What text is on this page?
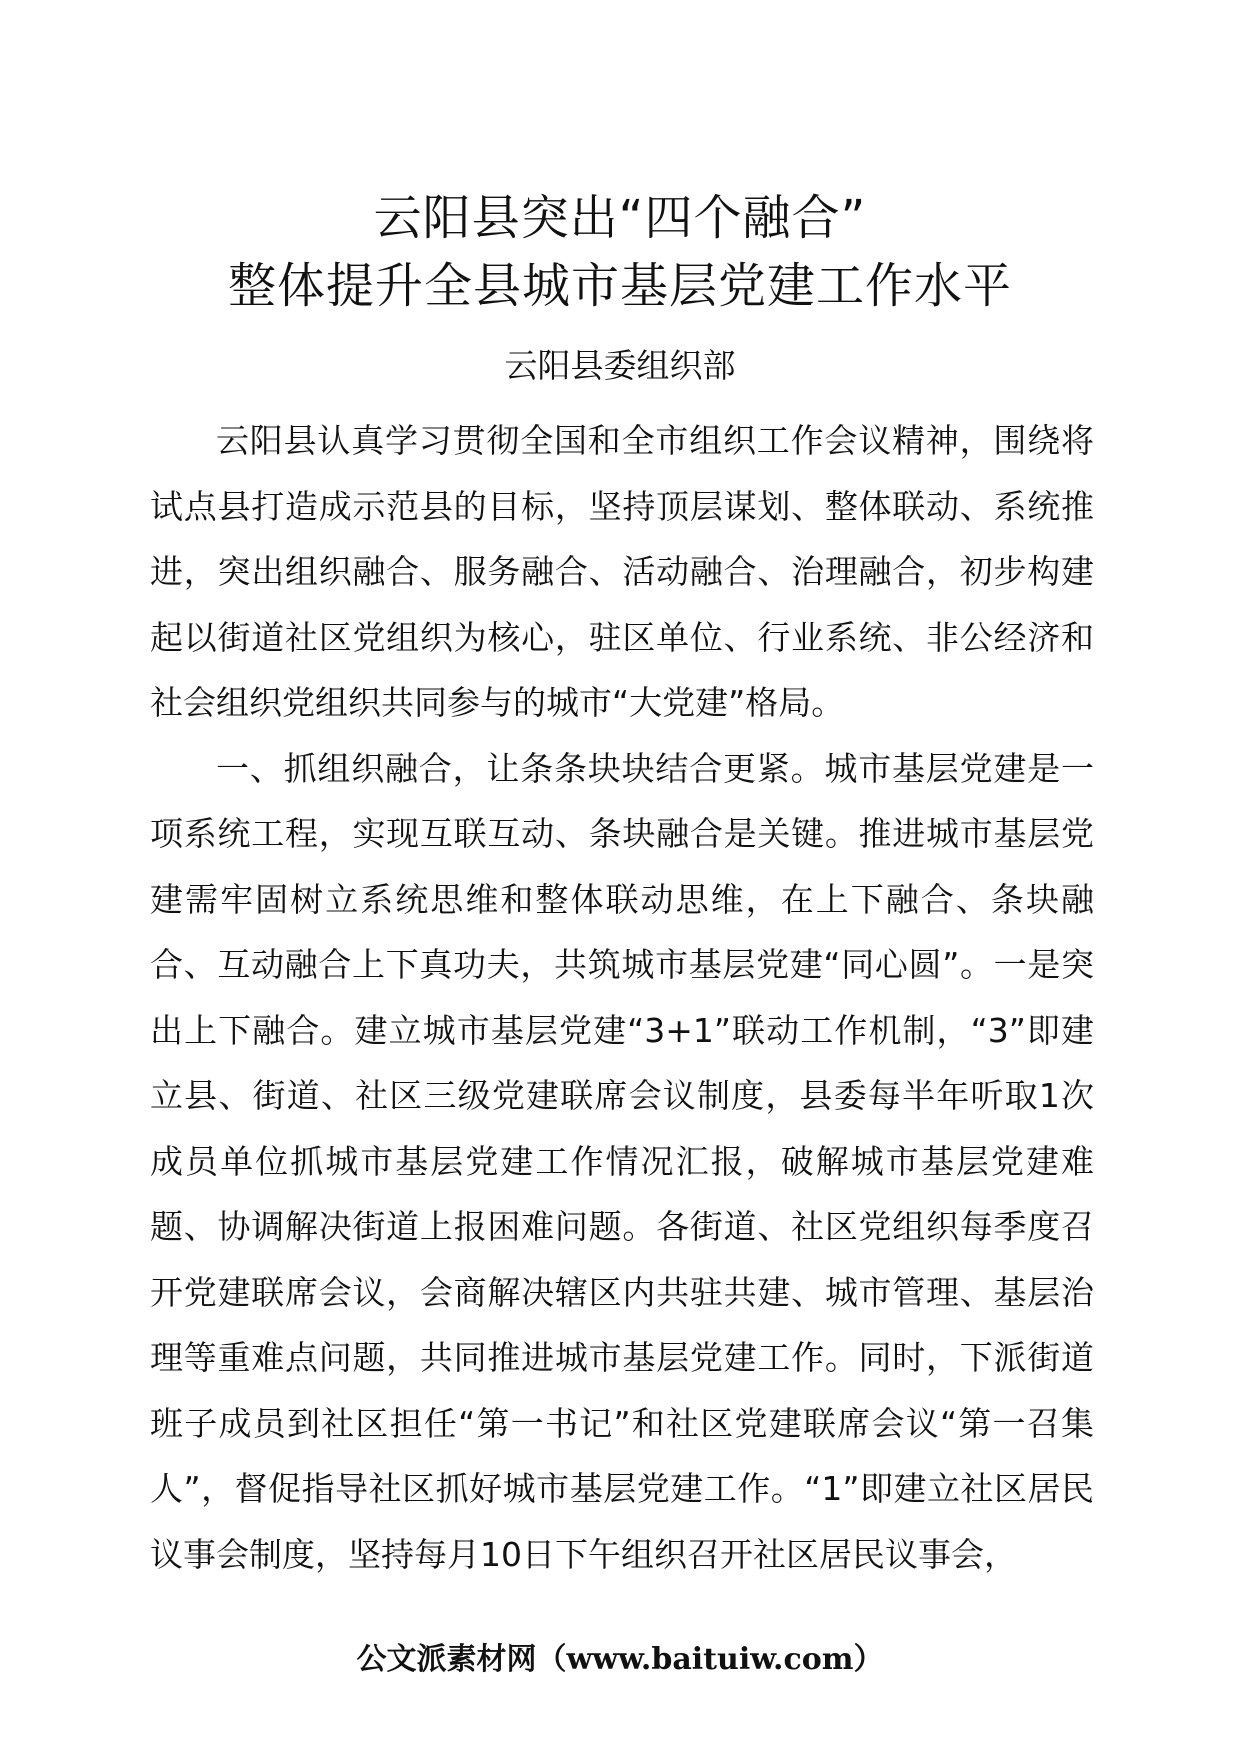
云阳县突出“四个融合”
整体提升全县城市基层党建工作水平

云阳县委组织部

云阳县认真学习贯彻全国和全市组织工作会议精神，围绕将试点县打造成示范县的目标，坚持顶层谋划、整体联动、系统推进，突出组织融合、服务融合、活动融合、治理融合，初步构建起以街道社区党组织为核心，驻区单位、行业系统、非公经济和社会组织党组织共同参与的城市“大党建”格局。

一、抓组织融合，让条条块块结合更紧。城市基层党建是一项系统工程，实现互联互动、条块融合是关键。推进城市基层党建需牢固树立系统思维和整体联动思维，在上下融合、条块融合、互动融合上下真功夫，共筑城市基层党建“同心圆”。一是突出上下融合。建立城市基层党建“3+1”联动工作机制，“3”即建立县、街道、社区三级党建联席会议制度，县委每半年听取1次成员单位抓城市基层党建工作情况汇报，破解城市基层党建难题、协调解决街道上报困难问题。各街道、社区党组织每季度召开党建联席会议，会商解决辖区内共驻共建、城市管理、基层治理等重难点问题，共同推进城市基层党建工作。同时，下派街道班子成员到社区担任“第一书记”和社区党建联席会议“第一召集人”，督促指导社区抓好城市基层党建工作。“1”即建立社区居民议事会制度，坚持每月10日下午组织召开社区居民议事会，

公文派素材网（www.baituiw.com）
